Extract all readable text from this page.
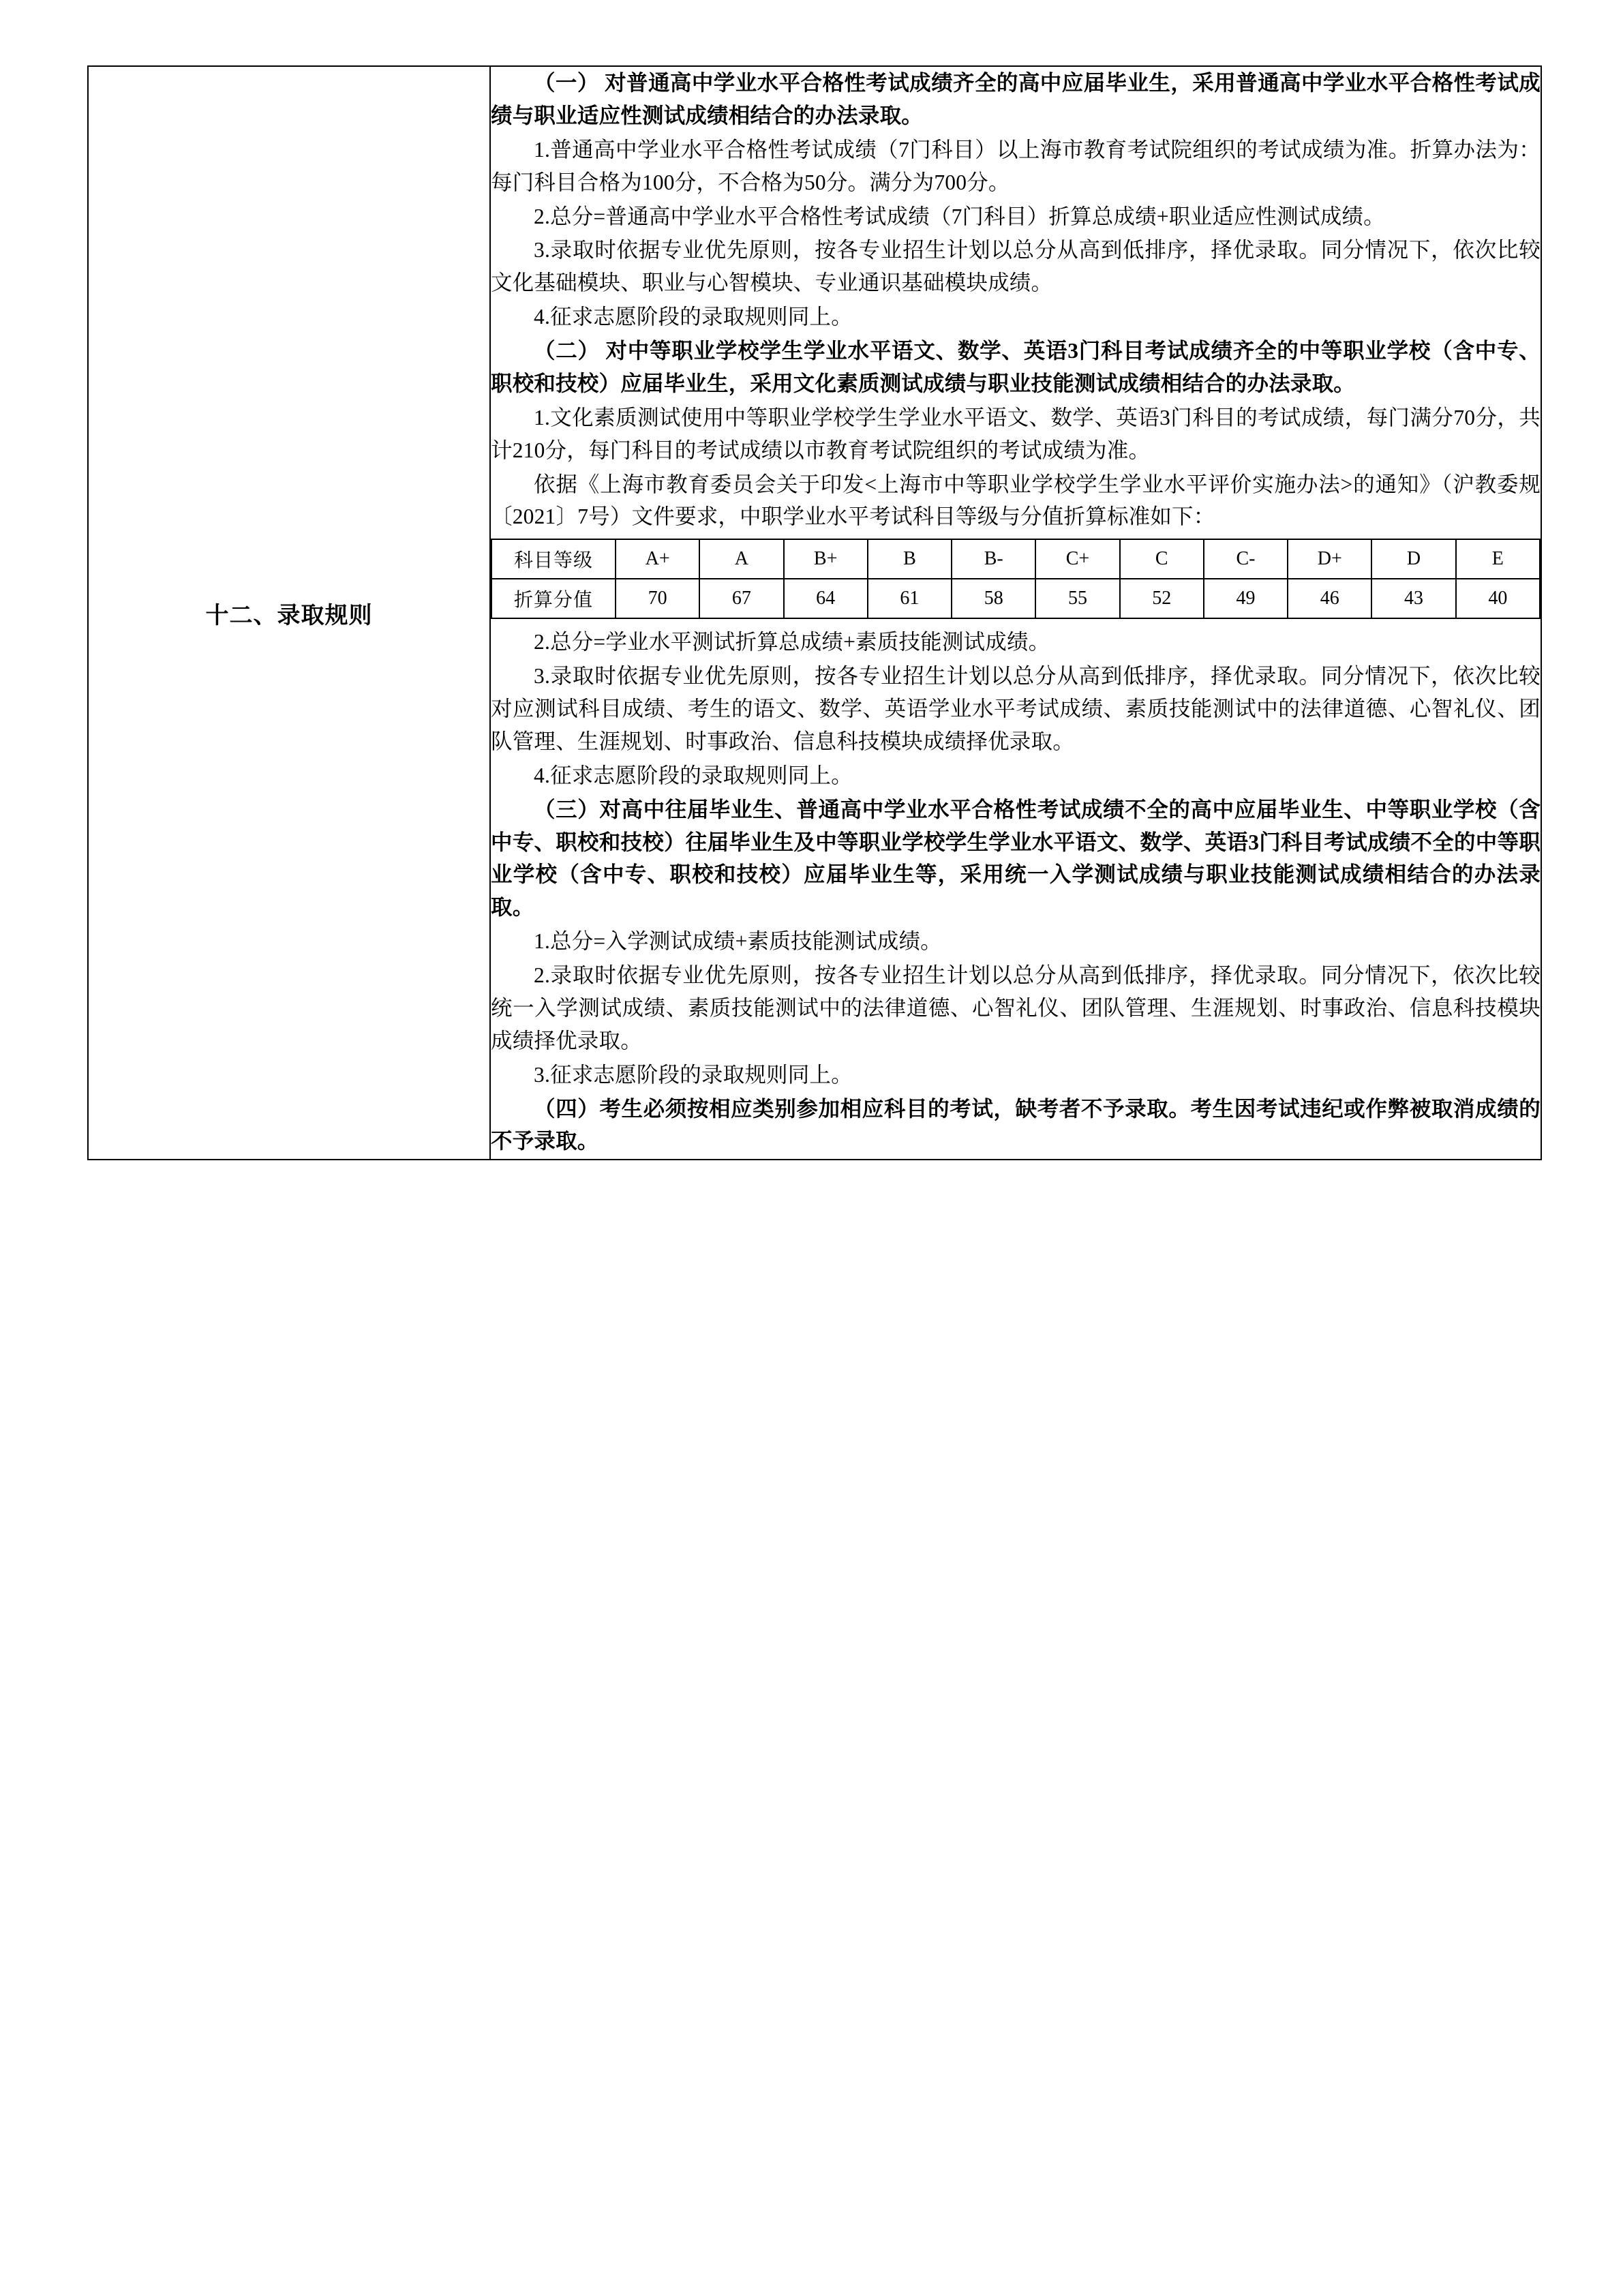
十二、录取规则	

（一） 对普通高中学业水平合格性考试成绩齐全的高中应届毕业生，采用普通高中学业水平合格性考试成绩与职业适应性测试成绩相结合的办法录取。

1.普通高中学业水平合格性考试成绩（7门科目）以上海市教育考试院组织的考试成绩为准。折算办法为：每门科目合格为100分，不合格为50分。满分为700分。

2.总分=普通高中学业水平合格性考试成绩（7门科目）折算总成绩+职业适应性测试成绩。

3.录取时依据专业优先原则，按各专业招生计划以总分从高到低排序，择优录取。同分情况下，依次比较文化基础模块、职业与心智模块、专业通识基础模块成绩。

4.征求志愿阶段的录取规则同上。

（二） 对中等职业学校学生学业水平语文、数学、英语3门科目考试成绩齐全的中等职业学校（含中专、职校和技校）应届毕业生，采用文化素质测试成绩与职业技能测试成绩相结合的办法录取。

1.文化素质测试使用中等职业学校学生学业水平语文、数学、英语3门科目的考试成绩，每门满分70分，共计210分，每门科目的考试成绩以市教育考试院组织的考试成绩为准。

依据《上海市教育委员会关于印发<上海市中等职业学校学生学业水平评价实施办法>的通知》（沪教委规〔2021〕7号）文件要求，中职学业水平考试科目等级与分值折算标准如下：

科目等级	A+	A	B+	B	B-	C+	C	C-	D+	D	E
折算分值	70	67	64	61	58	55	52	49	46	43	40

2.总分=学业水平测试折算总成绩+素质技能测试成绩。

3.录取时依据专业优先原则，按各专业招生计划以总分从高到低排序，择优录取。同分情况下，依次比较对应测试科目成绩、考生的语文、数学、英语学业水平考试成绩、素质技能测试中的法律道德、心智礼仪、团队管理、生涯规划、时事政治、信息科技模块成绩择优录取。

4.征求志愿阶段的录取规则同上。

（三）对高中往届毕业生、普通高中学业水平合格性考试成绩不全的高中应届毕业生、中等职业学校（含中专、职校和技校）往届毕业生及中等职业学校学生学业水平语文、数学、英语3门科目考试成绩不全的中等职业学校（含中专、职校和技校）应届毕业生等，采用统一入学测试成绩与职业技能测试成绩相结合的办法录取。

1.总分=入学测试成绩+素质技能测试成绩。

2.录取时依据专业优先原则，按各专业招生计划以总分从高到低排序，择优录取。同分情况下，依次比较统一入学测试成绩、素质技能测试中的法律道德、心智礼仪、团队管理、生涯规划、时事政治、信息科技模块成绩择优录取。

3.征求志愿阶段的录取规则同上。

（四）考生必须按相应类别参加相应科目的考试，缺考者不予录取。考生因考试违纪或作弊被取消成绩的不予录取。
